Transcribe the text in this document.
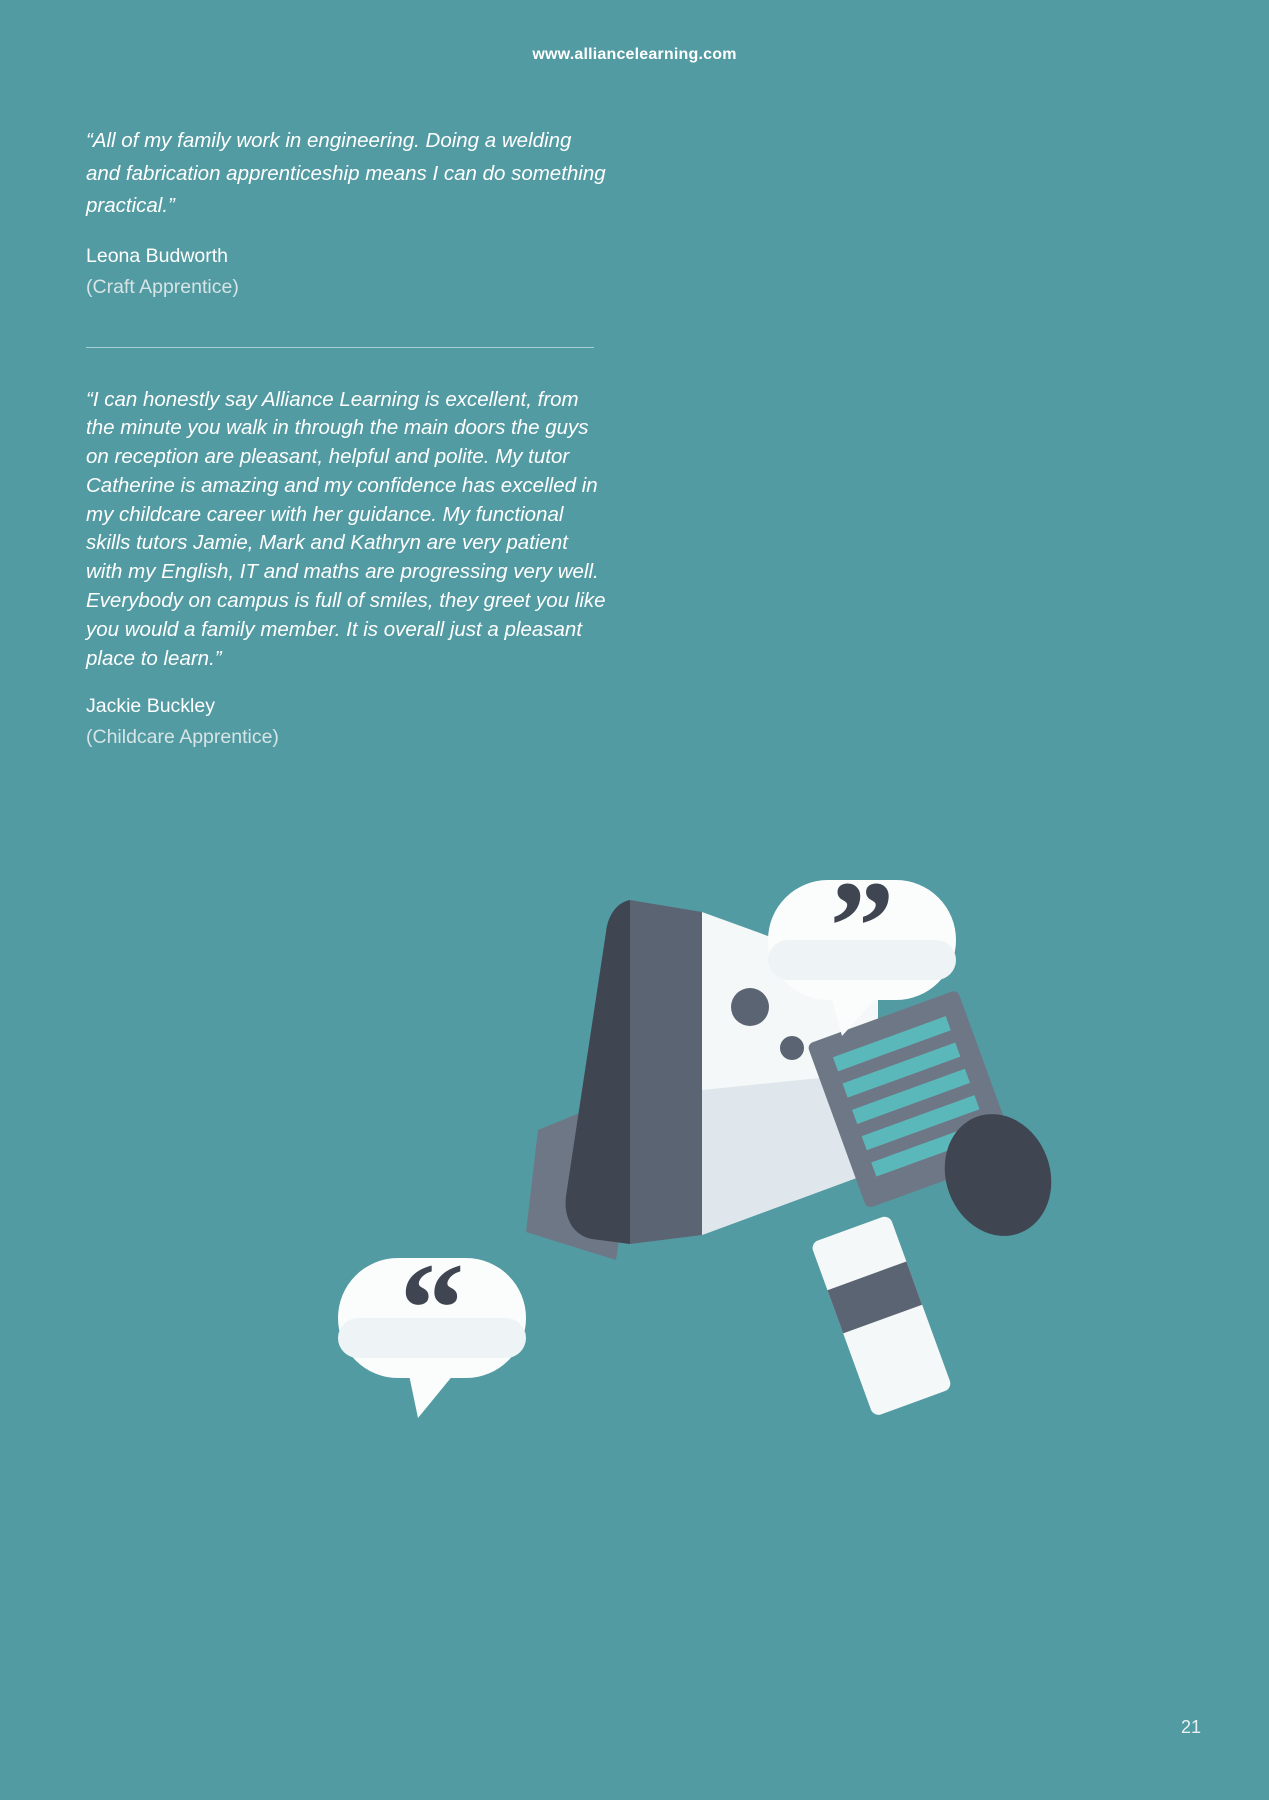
www.alliancelearning.com

“All of my family work in engineering. Doing a welding and fabrication apprenticeship means I can do something practical.”

Leona Budworth
(Craft Apprentice)

“I can honestly say Alliance Learning is excellent, from the minute you walk in through the main doors the guys on reception are pleasant, helpful and polite. My tutor Catherine is amazing and my confidence has excelled in my childcare career with her guidance. My functional skills tutors Jamie, Mark and Kathryn are very patient with my English, IT and maths are progressing very well. Everybody on campus is full of smiles, they greet you like you would a family member. It is overall just a pleasant place to learn.”

Jackie Buckley
(Childcare Apprentice)
”
“
21
